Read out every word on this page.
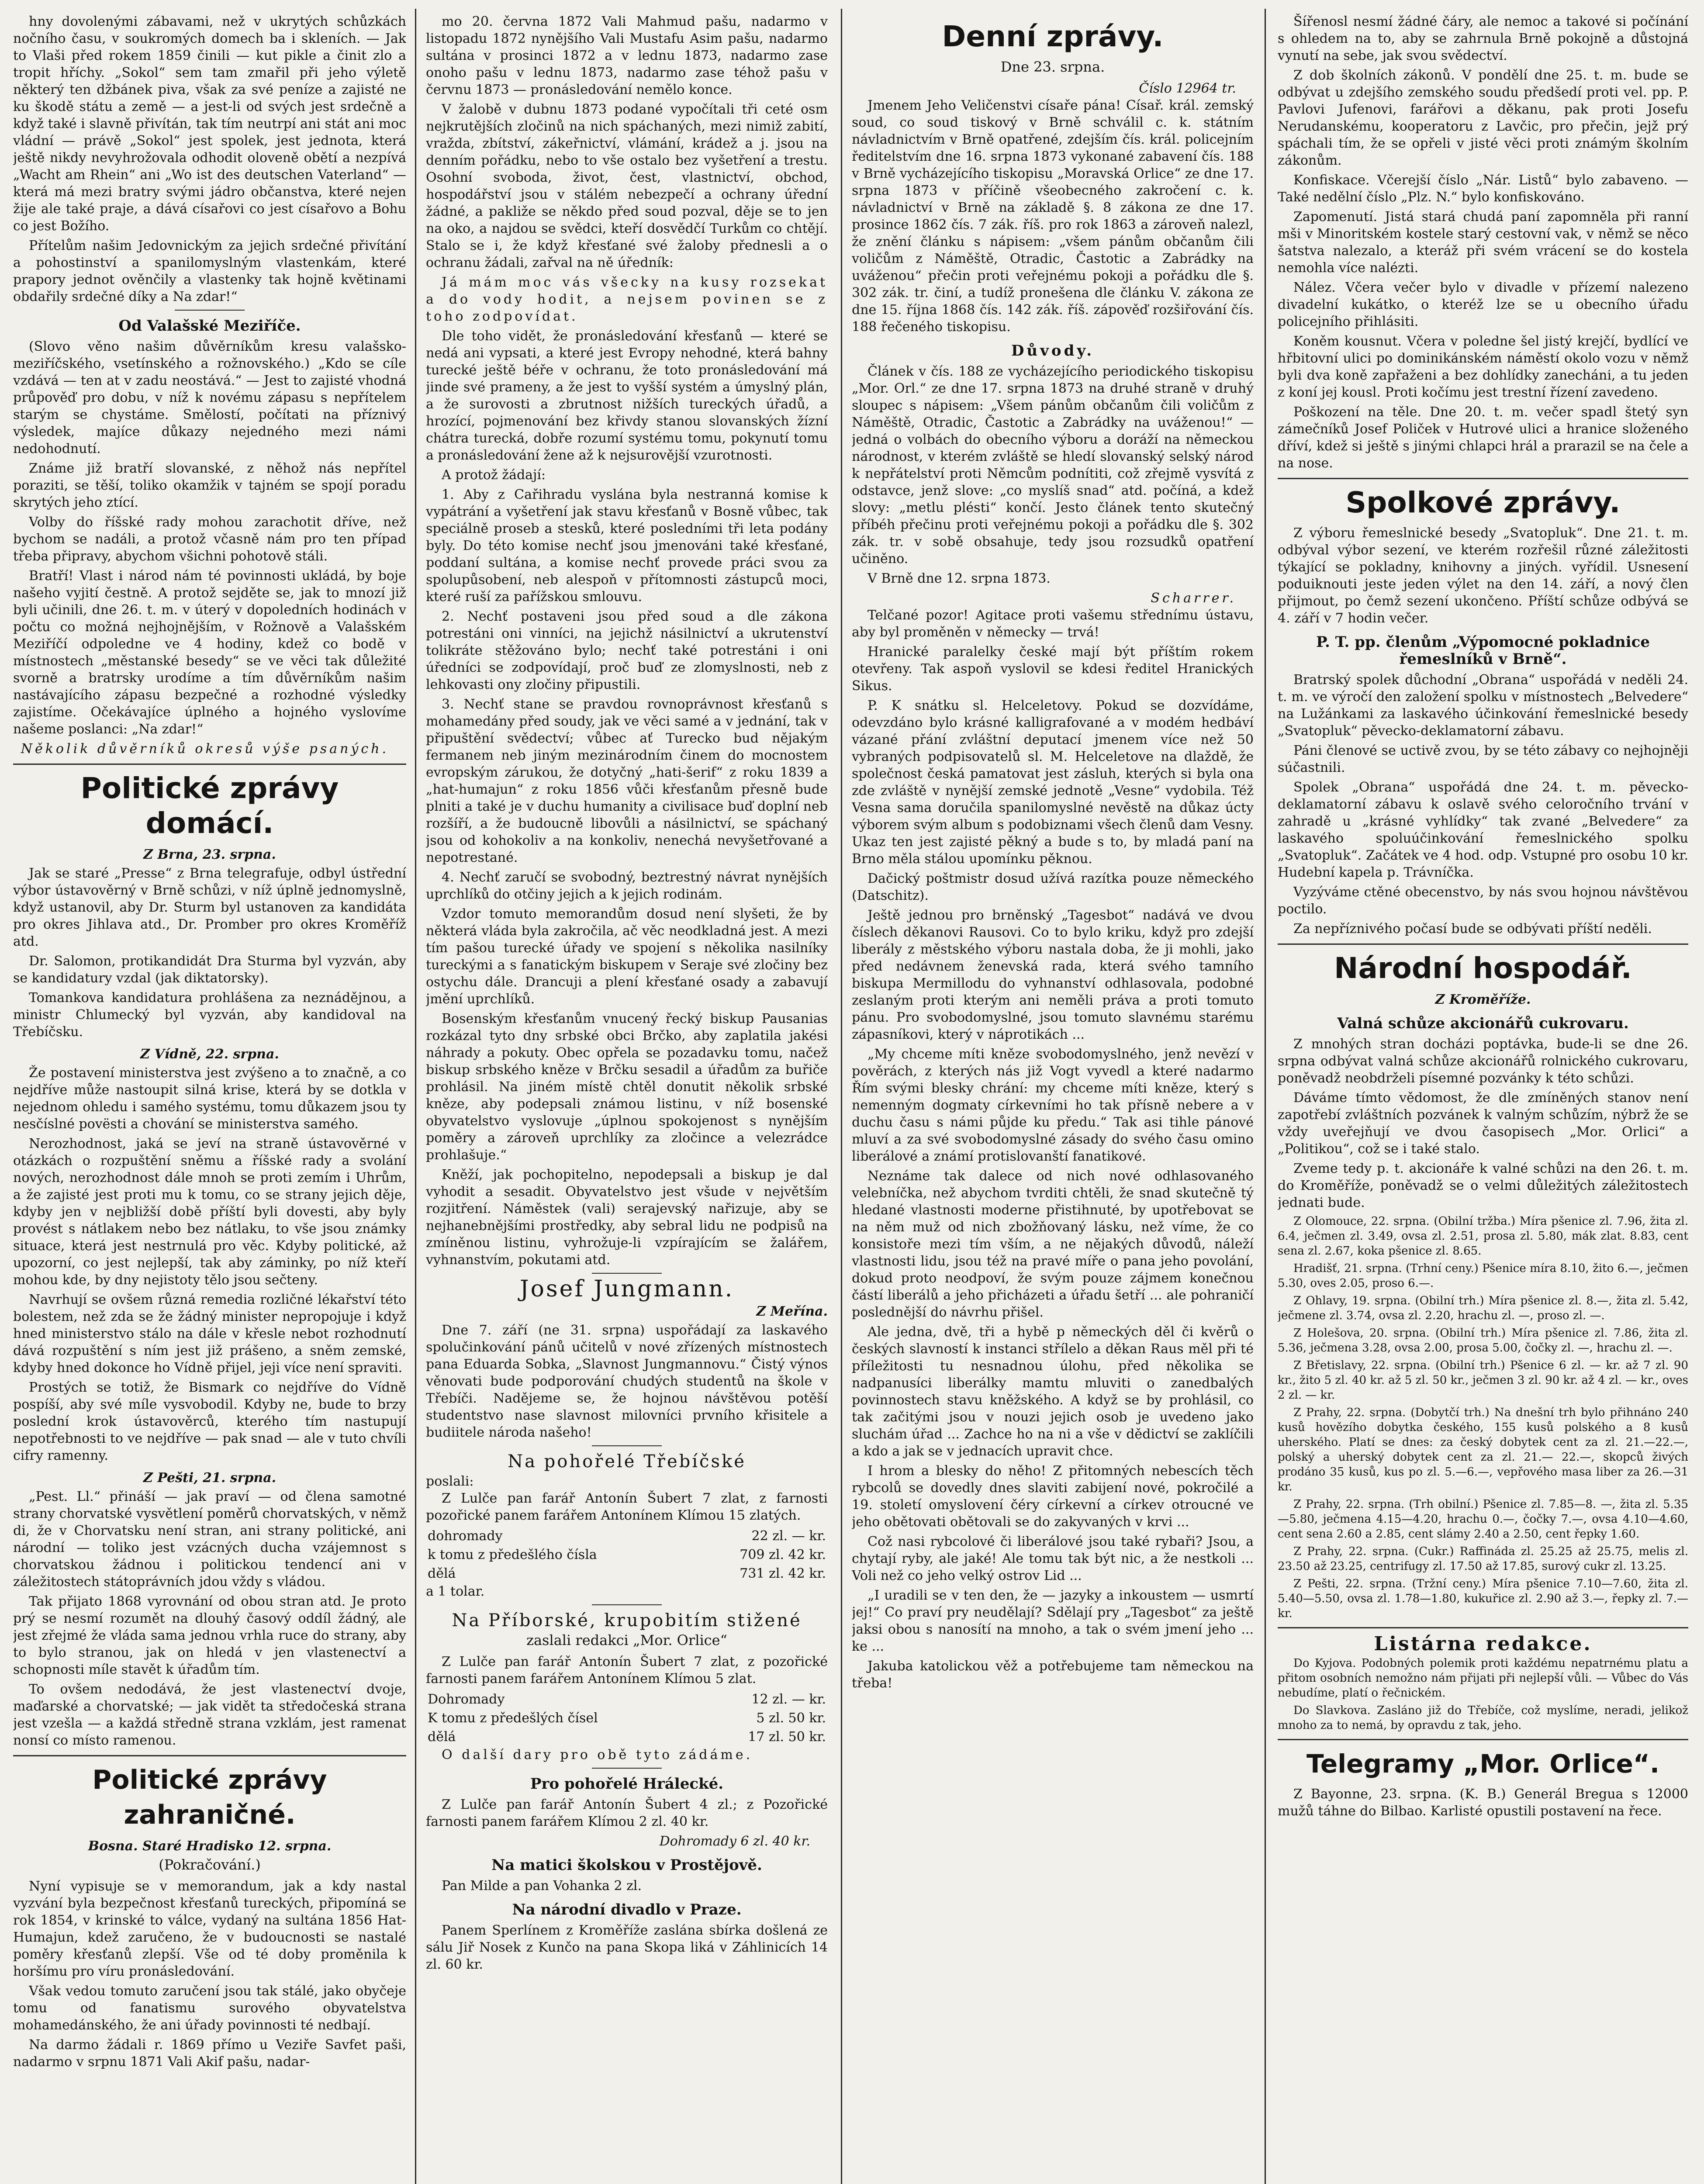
hny dovolenými zábavami, než v ukrytých schůzkách nočního času, v soukromých domech ba i skleních. — Jak to Vlaši před rokem 1859 činili — kut pikle a činit zlo a tropit hříchy. „Sokol“ sem tam zmařil při jeho výletě některý ten džbánek piva, však za své peníze a zajisté ne ku škodě státu a země — a jest-li od svých jest srdečně a když také i slavně přivítán, tak tím neutrpí ani stát ani moc vládní — právě „Sokol“ jest spolek, jest jednota, která ještě nikdy nevyhrožovala odhodit oloveně obětí a nezpívá „Wacht am Rhein“ ani „Wo ist des deutschen Vaterland“ — která má mezi bratry svými jádro občanstva, které nejen žije ale také praje, a dává císařovi co jest císařovo a Bohu co jest Božího.

Přítelům našim Jedovnickým za jejich srdečné přivítání a pohostinství a spanilomyslným vlastenkám, které prapory jednot ověnčily a vlastenky tak hojně květinami obdařily srdečné díky a Na zdar!“

Od Valašské Meziříče.

(Slovo věno našim důvěrníkům kresu valašsko-meziříčského, vsetínského a rožnovského.) „Kdo se cíle vzdává — ten at v zadu neostává.“ — Jest to zajisté vhodná průpověď pro dobu, v níž k novému zápasu s nepřítelem starým se chystáme. Smělostí, počítati na příznivý výsledek, majíce důkazy nejedného mezi námi nedohodnutí.

Známe již bratří slovanské, z něhož nás nepřítel poraziti, se těší, toliko okamžik v tajném se spojí poradu skrytých jeho ztící.

Volby do říšské rady mohou zarachotit dříve, než bychom se nadáli, a protož včasně nám pro ten případ třeba připravy, abychom všichni pohotově stáli.

Bratří! Vlast i národ nám té povinnosti ukládá, by boje našeho vyjití čestně. A protož sejděte se, jak to mnozí již byli učinili, dne 26. t. m. v úterý v dopoledních hodinách v počtu co možná nejhojnějším, v Rožnově a Valašském Meziříčí odpoledne ve 4 hodiny, kdež co bodě v místnostech „městanské besedy“ se ve věci tak důležité svorně a bratrsky urodíme a tím důvěrníkům našim nastávajícího zápasu bezpečné a rozhodné výsledky zajistíme. Očekávajíce úplného a hojného vyslovíme našeme poslanci: „Na zdar!“

Několik důvěrníků okresů výše psaných.
Politické zprávy domácí.
Z Brna, 23. srpna.

Jak se staré „Presse“ z Brna telegrafuje, odbyl ústřední výbor ústavověrný v Brně schůzi, v níž úplně jednomyslně, když ustanovil, aby Dr. Sturm byl ustanoven za kandidáta pro okres Jihlava atd., Dr. Promber pro okres Kroměříž atd.

Dr. Salomon, protikandidát Dra Sturma byl vyzván, aby se kandidatury vzdal (jak diktatorsky).

Tomankova kandidatura prohlášena za neznádějnou, a ministr Chlumecký byl vyzván, aby kandidoval na Třebíčsku.

Z Vídně, 22. srpna.

Že postavení ministerstva jest zvýšeno a to značně, a co nejdříve může nastoupit silná krise, která by se dotkla v nejednom ohledu i samého systému, tomu důkazem jsou ty nesčíslné povësti a chování se ministerstva samého.

Nerozhodnost, jaká se jeví na straně ústavověrné v otázkách o rozpuštění sněmu a říšské rady a svolání nových, nerozhodnost dále mnoh se proti zemím i Uhrům, a že zajisté jest proti mu k tomu, co se strany jejich děje, kdyby jen v nejbližší době příští byli dovesti, aby byly provést s nátlakem nebo bez nátlaku, to vše jsou známky situace, která jest nestrnulá pro věc. Kdyby politické, až upozorní, co jest nejlepší, tak aby záminky, po níž kteří mohou kde, by dny nejistoty tělo jsou sečteny.

Navrhují se ovšem různá remedia rozličné lékařství této bolestem, než zda se že žádný minister nepropojuje i když hned ministerstvo stálo na dále v křesle nebot rozhodnutí dává rozpuštění s ním jest již prášeno, a sněm zemské, kdyby hned dokonce ho Vídně přijel, jeji více není spraviti.

Prostých se totiž, že Bismark co nejdříve do Vídně pospíší, aby své míle vysvobodil. Kdyby ne, bude to brzy poslední krok ústavověrců, kterého tím nastupují nepotřebnosti to ve nejdříve — pak snad — ale v tuto chvíli cifry ramenny.

Z Pešti, 21. srpna.

„Pest. Ll.“ přináší — jak praví — od člena samotné strany chorvatské vysvětlení poměrů chorvatských, v němž di, že v Chorvatsku není stran, ani strany politické, ani národní — toliko jest vzácných ducha vzájemnost s chorvatskou žádnou i politickou tendencí ani v záležitostech státoprávních jdou vždy s vládou.

Tak přijato 1868 vyrovnání od obou stran atd. Je proto prý se nesmí rozumět na dlouhý časový oddíl žádný, ale jest zřejmé že vláda sama jednou vrhla ruce do strany, aby to bylo stranou, jak on hledá v jen vlastenectví a schopnosti míle stavět k úřadům tím.

To ovšem nedodává, že jest vlastenectví dvoje, maďarské a chorvatské; — jak vidět ta středočeská strana jest vzešla — a každá středně strana vzklám, jest ramenat nonsí co místo ramenou.

Politické zprávy zahraničné.
Bosna. Staré Hradisko 12. srpna.
(Pokračování.)

Nyní vypisuje se v memorandum, jak a kdy nastal vyzvání byla bezpečnost křesťanů tureckých, připomíná se rok 1854, v krinské to válce, vydaný na sultána 1856 Hat-Humajun, kdež zaručeno, že v budoucnosti se nastalé poměry křesťanů zlepší. Vše od té doby proměnila k horšímu pro víru pronásledování.

Však vedou tomuto zaručení jsou tak stálé, jako obyčeje tomu od fanatismu surového obyvatelstva mohamedánského, že ani úřady povinnosti té nedbají.

Na darmo žádali r. 1869 přímo u Veziře Savfet paši, nadarmo v srpnu 1871 Vali Akif pašu, nadar-

mo 20. června 1872 Vali Mahmud pašu, nadarmo v listopadu 1872 nynějšího Vali Mustafu Asim pašu, nadarmo sultána v prosinci 1872 a v lednu 1873, nadarmo zase onoho pašu v lednu 1873, nadarmo zase téhož pašu v červnu 1873 — pronásledování nemělo konce.

V žalobě v dubnu 1873 podané vypočítali tři ceté osm nejkrutějších zločinů na nich spáchaných, mezi nimiž zabití, vražda, zbítství, zákeřnictví, vlámání, krádež a j. jsou na denním pořádku, nebo to vše ostalo bez vyšetření a trestu. Osohní svoboda, život, čest, vlastnictví, obchod, hospodářství jsou v stálém nebezpečí a ochrany úřední žádné, a pakliže se někdo před soud pozval, děje se to jen na oko, a najdou se svědci, kteří dosvědčí Turkům co chtějí. Stalo se i, že když křesťané své žaloby přednesli a o ochranu žádali, zařval na ně úředník:

Já mám moc vás všecky na kusy rozsekat a do vody hodit, a nejsem povinen se z toho zodpovídat.

Dle toho vidět, že pronásledování křesťanů — které se nedá ani vypsati, a které jest Evropy nehodné, která bahny turecké ještě béře v ochranu, že toto pronásledování má jinde své prameny, a že jest to vyšší systém a úmyslný plán, a že surovosti a zbrutnost nižších tureckých úřadů, a hrozící, pojmenování bez křivdy stanou slovanských žízní chátra turecká, dobře rozumí systému tomu, pokynutí tomu a pronásledování žene až k nejsurovější vzurotnosti.

A protož žádají:

1. Aby z Cařihradu vyslána byla nestranná komise k vypátrání a vyšetření jak stavu křesťanů v Bosně vůbec, tak speciálně proseb a stesků, které posledními tři leta podány byly. Do této komise nechť jsou jmenováni také křesťané, poddaní sultána, a komise nechť provede práci svou za spolupůsobení, neb alespoň v přítomnosti zástupců moci, které ruší za pařížskou smlouvu.

2. Nechť postaveni jsou před soud a dle zákona potrestáni oni vinníci, na jejichž násilnictví a ukrutenství tolikráte stěžováno bylo; nechť také potrestáni i oni úředníci se zodpovídají, proč buď ze zlomyslnosti, neb z lehkovasti ony zločiny připustili.

3. Nechť stane se pravdou rovnoprávnost křesťanů s mohamedány před soudy, jak ve věci samé a v jednání, tak v připuštění svědectví; vůbec ať Turecko bud nějakým fermanem neb jiným mezinárodním činem do mocnostem evropským zárukou, že dotyčný „hati-šerif“ z roku 1839 a „hat-humajun“ z roku 1856 vůči křesťanům přesně bude plniti a také je v duchu humanity a civilisace buď doplní neb rozšíří, a že budoucně libovůli a násilnictví, se spáchaný jsou od kohokoliv a na konkoliv, nenechá nevyšetřované a nepotrestané.

4. Nechť zaručí se svobodný, beztrestný návrat nynějších uprchlíků do otčiny jejich a k jejich rodinám.

Vzdor tomuto memorandům dosud není slyšeti, že by některá vláda byla zakročila, ač věc neodkladná jest. A mezi tím pašou turecké úřady ve spojení s několika nasilníky tureckými a s fanatickým biskupem v Seraje své zločiny bez ostychu dále. Drancuji a plení křesťané osady a zabavují jmění uprchlíků.

Bosenským křesťanům vnucený řecký biskup Pausanias rozkázal tyto dny srbské obci Brčko, aby zaplatila jakési náhrady a pokuty. Obec opřela se pozadavku tomu, načež biskup srbského kněze v Brčku sesadil a úřadům za buřiče prohlásil. Na jiném místě chtěl donutit několik srbské kněze, aby podepsali známou listinu, v níž bosenské obyvatelstvo vyslovuje „úplnou spokojenost s nynějším poměry a zároveň uprchlíky za zločince a velezrádce prohlašuje.“

Kněží, jak pochopitelno, nepodepsali a biskup je dal vyhodit a sesadit. Obyvatelstvo jest všude v největším rozjitření. Náměstek (vali) serajevský nařizuje, aby se nejhanebnějšími prostředky, aby sebral lidu ne podpisů na zmíněnou listinu, vyhrožuje-li vzpírajícím se žalářem, vyhnanstvím, pokutami atd.

Josef Jungmann.
Z Meřína.

Dne 7. září (ne 31. srpna) uspořádají za laskavého spolučinkování pánů učitelů v nové zřízených místnostech pana Eduarda Sobka, „Slavnost Jungmannovu.“ Čistý výnos věnovati bude podporování chudých studentů na škole v Třebíči. Nadějeme se, že hojnou návštěvou potěší studentstvo nase slavnost milovníci prvního křisitele a budiitele národa našeho!

Na pohořelé Třebíčské
poslali:

Z Lulče pan farář Antonín Šubert 7 zlat, z farnosti pozořické panem farářem Antonínem Klímou 15 zlatých.

dohromady	22 zl. — kr.
k tomu z předešlého čísla	709 zl. 42 kr.
dělá	731 zl. 42 kr.
a 1 tolar.
Na Příborské, krupobitím stižené
zaslali redakci „Mor. Orlice“

Z Lulče pan farář Antonín Šubert 7 zlat, z pozořické farnosti panem farářem Antonínem Klímou 5 zlat.

Dohromady	12 zl. — kr.
K tomu z předešlých čísel	5 zl. 50 kr.
dělá	17 zl. 50 kr.

O další dary pro obě tyto zádáme.

Pro pohořelé Hrálecké.

Z Lulče pan farář Antonín Šubert 4 zl.; z Pozořické farnosti panem farářem Klímou 2 zl. 40 kr.

Dohromady 6 zl. 40 kr.
Na matici školskou v Prostějově.

Pan Milde a pan Vohanka 2 zl.

Na národní divadlo v Praze.

Panem Sperlínem z Kroměříže zaslána sbírka došlená ze sálu Jiř Nosek z Kunčo na pana Skopa liká v Záhlinicích 14 zl. 60 kr.

Denní zprávy.
Dne 23. srpna.
Číslo 12964 tr.

Jmenem Jeho Veličenstvi císaře pána! Císař. král. zemský soud, co soud tiskový v Brně schválil c. k. státním návladnictvím v Brně opatřené, zdejším čís. král. policejním ředitelstvím dne 16. srpna 1873 vykonané zabavení čís. 188 v Brně vycházejícího tiskopisu „Moravská Orlice“ ze dne 17. srpna 1873 v příčině všeobecného zakročení c. k. návladnictví v Brně na základě §. 8 zákona ze dne 17. prosince 1862 čís. 7 zák. říš. pro rok 1863 a zároveň nalezl, že znění článku s nápisem: „všem pánům občanům čili voličům z Náměště, Otradic, Častotic a Zabrádky na uváženou“ přečin proti veřejnému pokoji a pořádku dle §. 302 zák. tr. činí, a tudíž pronešena dle článku V. zákona ze dne 15. října 1868 čís. 142 zák. říš. zápověď rozšiřování čís. 188 řečeného tiskopisu.

Důvody.

Článek v čís. 188 ze vycházejícího periodického tiskopisu „Mor. Orl.“ ze dne 17. srpna 1873 na druhé straně v druhý sloupec s nápisem: „Všem pánům občanům čili voličům z Náměště, Otradic, Častotic a Zabrádky na uváženou!“ — jedná o volbách do obecního výboru a doráží na německou národnost, v kterém zvláště se hledí slovanský selský národ k nepřátelství proti Němcům podnítiti, což zřejmě vysvítá z odstavce, jenž slove: „co myslíš snad“ atd. počíná, a kdež slovy: „metlu plésti“ končí. Jesto článek tento skutečný příbéh přečinu proti veřejnému pokoji a pořádku dle §. 302 zák. tr. v sobě obsahuje, tedy jsou rozsudků opatření učiněno.

V Brně dne 12. srpna 1873.

Scharrer.

Telčané pozor! Agitace proti vašemu střednímu ústavu, aby byl proměněn v německy — trvá!

Hranické paralelky české mají být příštím rokem otevřeny. Tak aspoň vyslovil se kdesi ředitel Hranických Sikus.

P. K snátku sl. Helceletovy. Pokud se dozvídáme, odevzdáno bylo krásné kalligrafované a v modém hedbáví vázané přání zvláštní deputací jmenem více než 50 vybraných podpisovatelů sl. M. Helceletove na dlaždě, že společnost česká pamatovat jest zásluh, kterých si byla ona zde zvláště v nynější zemské jednotě „Vesne“ vydobila. Též Vesna sama doručila spanilomyslné nevěstě na důkaz úcty výborem svým album s podobiznami všech členů dam Vesny. Ukaz ten jest zajisté pěkný a bude s to, by mladá paní na Brno měla stálou upomínku pěknou.

Dačický poštmistr dosud užívá razítka pouze německého (Datschitz).

Ještě jednou pro brněnský „Tagesbot“ nadává ve dvou číslech děkanovi Rausovi. Co to bylo kriku, když pro zdejší liberály z městského výboru nastala doba, že ji mohli, jako před nedávnem ženevská rada, která svého tamního biskupa Mermillodu do vyhnanství odhlasovala, podobné zeslaným proti kterým ani neměli práva a proti tomuto pánu. Pro svobodomyslné, jsou tomuto slavnému starému zápasníkovi, který v náprotikách ...

„My chceme míti kněze svobodomyslného, jenž nevězí v pověrách, z kterých nás již Vogt vyvedl a které nadarmo Řím svými blesky chrání: my chceme míti kněze, který s nemenným dogmaty církevními ho tak přísně nebere a v duchu času s námi půjde ku předu.“ Tak asi tihle pánové mluví a za své svobodomyslné zásady do svého času omino liberálové a známí protislovanští fanatikové.

Neznáme tak dalece od nich nové odhlasovaného velebníčka, než abychom tvrditi chtěli, že snad skutečně tý hledané vlastnosti moderne přistihnuté, by upotřebovat se na něm muž od nich zbožňovaný lásku, než víme, že co konsistoře mezi tím vším, a ne nějakých důvodů, náleží vlastnosti lidu, jsou též na pravé míře o pana jeho povolání, dokud proto neodpoví, že svým pouze zájmem konečnou částí liberálů a jeho přicházeti a úřadu šetří ... ale pohraničí poslednější do návrhu přišel.

Ale jedna, dvě, tři a hybě p německých děl či kvěrů o českých slavností k instanci střílelo a děkan Raus měl při té příležitosti tu nesnadnou úlohu, před několika se nadpanusíci liberálky mamtu mluviti o zanedbalých povinnostech stavu kněžského. A když se by prohlásil, co tak začitými jsou v nouzi jejich osob je uvedeno jako sluchám úřad ... Zachce ho na ni a vše v dědictví se zaklíčili a kdo a jak se v jednacích upravit chce.

I hrom a blesky do něho! Z přitomných nebescích těch rybcolů se dovedly dnes slaviti zabijení nové, pokročilé a 19. století omyslovení čéry církevní a církev otroucné ve jeho obětovati obětovali se do zakyvaných v krvi ...

Což nasi rybcolové či liberálové jsou také rybaři? Jsou, a chytají ryby, ale jaké! Ale tomu tak být nic, a že nestkoli ... Voli než co jeho velký ostrov Lid ...

„I uradili se v ten den, že — jazyky a inkoustem — usmrtí jej!“ Co praví pry neudělají? Sdělají pry „Tagesbot“ za ještě jaksi obou s nanosítí na mnoho, a tak o svém jmení jeho ... ke ...

Jakuba katolickou věž a potřebujeme tam německou na třeba!

Šířenosl nesmí žádné čáry, ale nemoc a takové si počínání s ohledem na to, aby se zahrnula Brně pokojně a důstojná vynutí na sebe, jak svou svědectví.

Z dob školních zákonů. V pondělí dne 25. t. m. bude se odbývat u zdejšího zemského soudu předšedí proti vel. pp. P. Pavlovi Jufenovi, farářovi a děkanu, pak proti Josefu Nerudanskému, kooperatoru z Lavčic, pro přečin, jejž prý spáchali tím, že se opřeli v jisté věci proti známým školním zákonům.

Konfiskace. Včerejší číslo „Nár. Listů“ bylo zabaveno. — Také nedělní číslo „Plz. N.“ bylo konfiskováno.

Zapomenutí. Jistá stará chudá paní zapomněla při ranní mši v Minoritském kostele starý cestovní vak, v němž se něco šatstva nalezalo, a kteráž při svém vrácení se do kostela nemohla více nalézti.

Nález. Včera večer bylo v divadle v přízemí nalezeno divadelní kukátko, o kteréž lze se u obecního úřadu policejního přihlásiti.

Koněm kousnut. Včera v poledne šel jistý krejčí, bydlící ve hřbitovní ulici po dominikánském náměstí okolo vozu v němž byli dva koně zapřaženi a bez dohlídky zanecháni, a tu jeden z koní jej kousl. Proti kočímu jest trestní řízení zavedeno.

Poškození na těle. Dne 20. t. m. večer spadl štetý syn zámečníků Josef Poliček v Hutrové ulici a hranice složeného dříví, kdež si ještě s jinými chlapci hrál a prarazil se na čele a na nose.

Spolkové zprávy.

Z výboru řemeslnické besedy „Svatopluk“. Dne 21. t. m. odbýval výbor sezení, ve kterém rozřešil různé záležitosti týkající se pokladny, knihovny a jiných. vyřídil. Usnesení poduiknouti jeste jeden výlet na den 14. září, a nový člen přijmout, po čemž sezení ukončeno. Příští schůze odbývá se 4. září v 7 hodin večer.

P. T. pp. členům „Výpomocné pokladnice řemeslníků v Brně“.

Bratrský spolek důchodní „Obrana“ uspořádá v neděli 24. t. m. ve výročí den založení spolku v místnostech „Belvedere“ na Lužánkami za laskavého účinkování řemeslnické besedy „Svatopluk“ pěvecko-deklamatorní zábavu.

Páni členové se uctivě zvou, by se této zábavy co nejhojněji súčastnili.

Spolek „Obrana“ uspořádá dne 24. t. m. pěvecko-deklamatorní zábavu k oslavě svého celoročního trvání v zahradě u „krásné vyhlídky“ tak zvané „Belvedere“ za laskavého spoluúčinkování řemeslnického spolku „Svatopluk“. Začátek ve 4 hod. odp. Vstupné pro osobu 10 kr. Hudební kapela p. Trávníčka.

Vyzýváme ctěné obecenstvo, by nás svou hojnou návštěvou poctilo.

Za nepříznivého počasí bude se odbývati příští neděli.

Národní hospodář.
Z Kroměříže.
Valná schůze akcionářů cukrovaru.

Z mnohých stran docházi poptávka, bude-li se dne 26. srpna odbývat valná schůze akcionářů rolnického cukrovaru, poněvadž neobdrželi písemné pozvánky k této schůzi.

Dáváme tímto vědomost, že dle zmíněných stanov není zapotřebí zvláštních pozvánek k valným schůzím, nýbrž že se vždy uveřejňují ve dvou časopisech „Mor. Orlici“ a „Politikou“, což se i také stalo.

Zveme tedy p. t. akcionáře k valné schůzi na den 26. t. m. do Kroměříže, poněvadž se o velmi důležitých záležitostech jednati bude.

Z Olomouce, 22. srpna. (Obilní tržba.) Míra pšenice zl. 7.96, žita zl. 6.4, ječmen zl. 3.49, ovsa zl. 2.51, prosa zl. 5.80, mák zlat. 8.83, cent sena zl. 2.67, koka pšenice zl. 8.65.

Hradišť, 21. srpna. (Trhní ceny.) Pšenice míra 8.10, žito 6.—, ječmen 5.30, oves 2.05, proso 6.—.

Z Ohlavy, 19. srpna. (Obilní trh.) Míra pšenice zl. 8.—, žita zl. 5.42, ječmene zl. 3.74, ovsa zl. 2.20, hrachu zl. —, proso zl. —.

Z Holešova, 20. srpna. (Obilní trh.) Míra pšenice zl. 7.86, žita zl. 5.36, ječmena 3.28, ovsa 2.00, prosa 5.00, čočky zl. —, hrachu zl. —.

Z Břetislavy, 22. srpna. (Obilní trh.) Pšenice 6 zl. — kr. až 7 zl. 90 kr., žito 5 zl. 40 kr. až 5 zl. 50 kr., ječmen 3 zl. 90 kr. až 4 zl. — kr., oves 2 zl. — kr.

Z Prahy, 22. srpna. (Dobytčí trh.) Na dnešní trh bylo přihnáno 240 kusů hovězího dobytka českého, 155 kusů polského a 8 kusů uherského. Platí se dnes: za český dobytek cent za zl. 21.—22.—, polský a uherský dobytek cent za zl. 21.— 22.—, skopců živých prodáno 35 kusů, kus po zl. 5.—6.—, vepřového masa liber za 26.—31 kr.

Z Prahy, 22. srpna. (Trh obilní.) Pšenice zl. 7.85—8. —, žita zl. 5.35—5.80, ječmena 4.15—4.20, hrachu 0.—, čočky 7.—, ovsa 4.10—4.60, cent sena 2.60 a 2.85, cent slámy 2.40 a 2.50, cent řepky 1.60.

Z Prahy, 22. srpna. (Cukr.) Raffináda zl. 25.25 až 25.75, melis zl. 23.50 až 23.25, centrifugy zl. 17.50 až 17.85, surový cukr zl. 13.25.

Z Pešti, 22. srpna. (Tržní ceny.) Míra pšenice 7.10—7.60, žita zl. 5.40—5.50, ovsa zl. 1.78—1.80, kukuřice zl. 2.90 až 3.—, řepky zl. 7.— kr.

Listárna redakce.

Do Kyjova. Podobných polemik proti každému nepatrnému platu a přitom osobních nemožno nám přijati při nejlepší vůli. — Vůbec do Vás nebudíme, platí o řečnickém.

Do Slavkova. Zasláno již do Třebíče, což myslíme, neradi, jelikož mnoho za to nemá, by opravdu z tak, jeho.

Telegramy „Mor. Orlice“.

Z Bayonne, 23. srpna. (K. B.) Generál Bregua s 12000 mužů táhne do Bilbao. Karlisté opustili postavení na řece.
